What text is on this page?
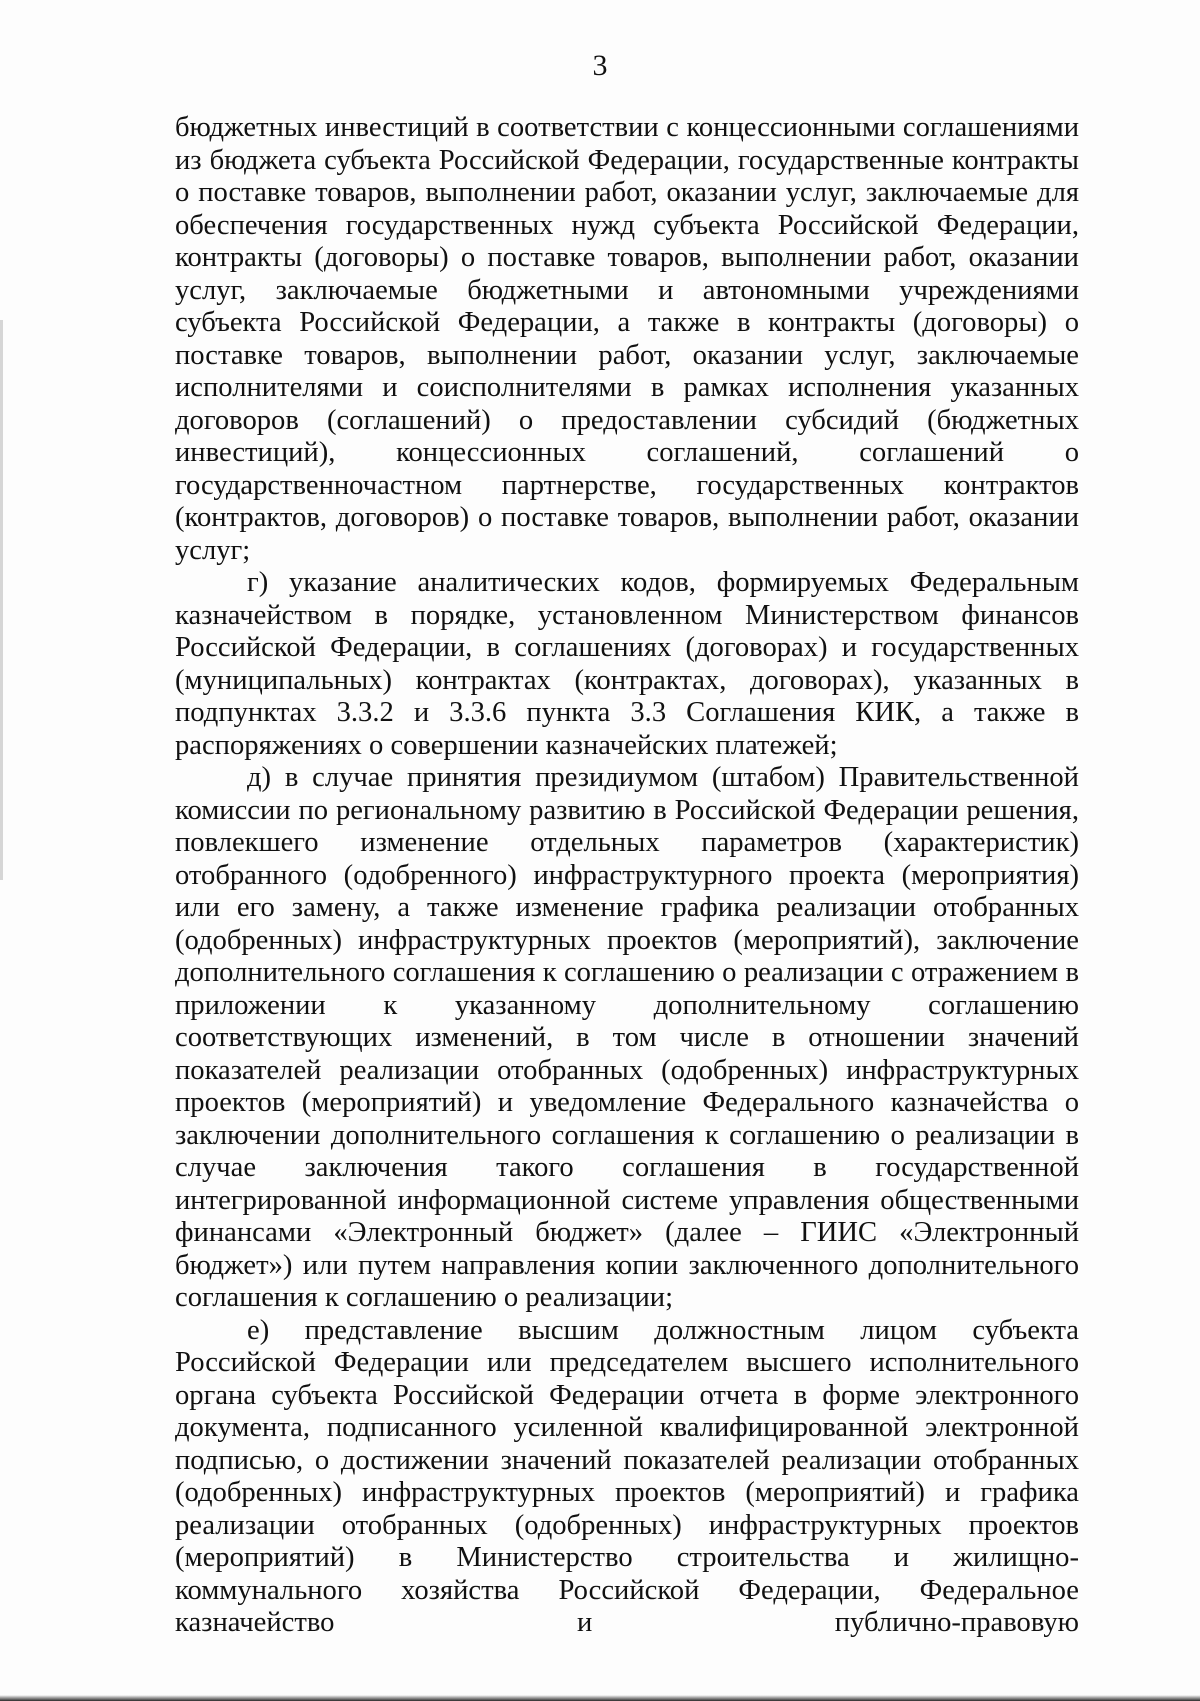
3

бюджетных инвестиций в соответствии с концессионными соглашениями из бюджета субъекта Российской Федерации, государственные контракты о поставке товаров, выполнении работ, оказании услуг, заключаемые для обеспечения государственных нужд субъекта Российской Федерации, контракты (договоры) о поставке товаров, выполнении работ, оказании услуг, заключаемые бюджетными и автономными учреждениями субъекта Российской Федерации, а также в контракты (договоры) о поставке товаров, выполнении работ, оказании услуг, заключаемые исполнителями и соисполнителями в рамках исполнения указанных договоров (соглашений) о предоставлении субсидий (бюджетных инвестиций), концессионных соглашений, соглашений о государственночастном партнерстве, государственных контрактов (контрактов, договоров) о поставке товаров, выполнении работ, оказании услуг;

г) указание аналитических кодов, формируемых Федеральным казначейством в порядке, установленном Министерством финансов Российской Федерации, в соглашениях (договорах) и государственных (муниципальных) контрактах (контрактах, договорах), указанных в подпунктах 3.3.2 и 3.3.6 пункта 3.3 Соглашения КИК, а также в распоряжениях о совершении казначейских платежей;

д) в случае принятия президиумом (штабом) Правительственной комиссии по региональному развитию в Российской Федерации решения, повлекшего изменение отдельных параметров (характеристик) отобранного (одобренного) инфраструктурного проекта (мероприятия) или его замену, а также изменение графика реализации отобранных (одобренных) инфраструктурных проектов (мероприятий), заключение дополнительного соглашения к соглашению о реализации с отражением в приложении к указанному дополнительному соглашению соответствующих изменений, в том числе в отношении значений показателей реализации отобранных (одобренных) инфраструктурных проектов (мероприятий) и уведомление Федерального казначейства о заключении дополнительного соглашения к соглашению о реализации в случае заключения такого соглашения в государственной интегрированной информационной системе управления общественными финансами «Электронный бюджет» (далее – ГИИС «Электронный бюджет») или путем направления копии заключенного дополнительного соглашения к соглашению о реализации;

е) представление высшим должностным лицом субъекта Российской Федерации или председателем высшего исполнительного органа субъекта Российской Федерации отчета в форме электронного документа, подписанного усиленной квалифицированной электронной подписью, о достижении значений показателей реализации отобранных (одобренных) инфраструктурных проектов (мероприятий) и графика реализации отобранных (одобренных) инфраструктурных проектов (мероприятий) в Министерство строительства и жилищно-коммунального хозяйства Российской Федерации, Федеральное казначейство и публично-правовую
